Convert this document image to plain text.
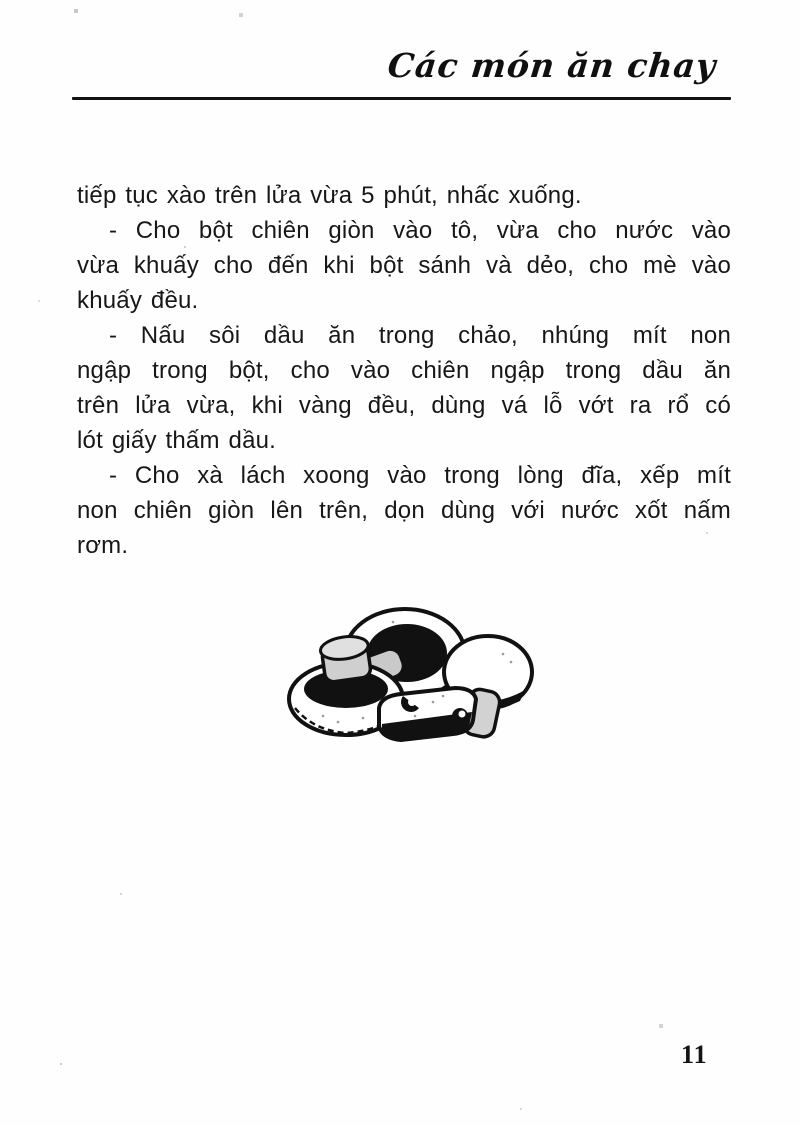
Các món ăn chay
tiếp tục xào trên lửa vừa 5 phút, nhấc xuống.
- Cho bột chiên giòn vào tô, vừa cho nước vào
vừa khuấy cho đến khi bột sánh và dẻo, cho mè vào
khuấy đều.
- Nấu sôi dầu ăn trong chảo, nhúng mít non
ngập trong bột, cho vào chiên ngập trong dầu ăn
trên lửa vừa, khi vàng đều, dùng vá lỗ vớt ra rổ có
lót giấy thấm dầu.
- Cho xà lách xoong vào trong lòng đĩa, xếp mít
non chiên giòn lên trên, dọn dùng với nước xốt nấm
rơm.
11
